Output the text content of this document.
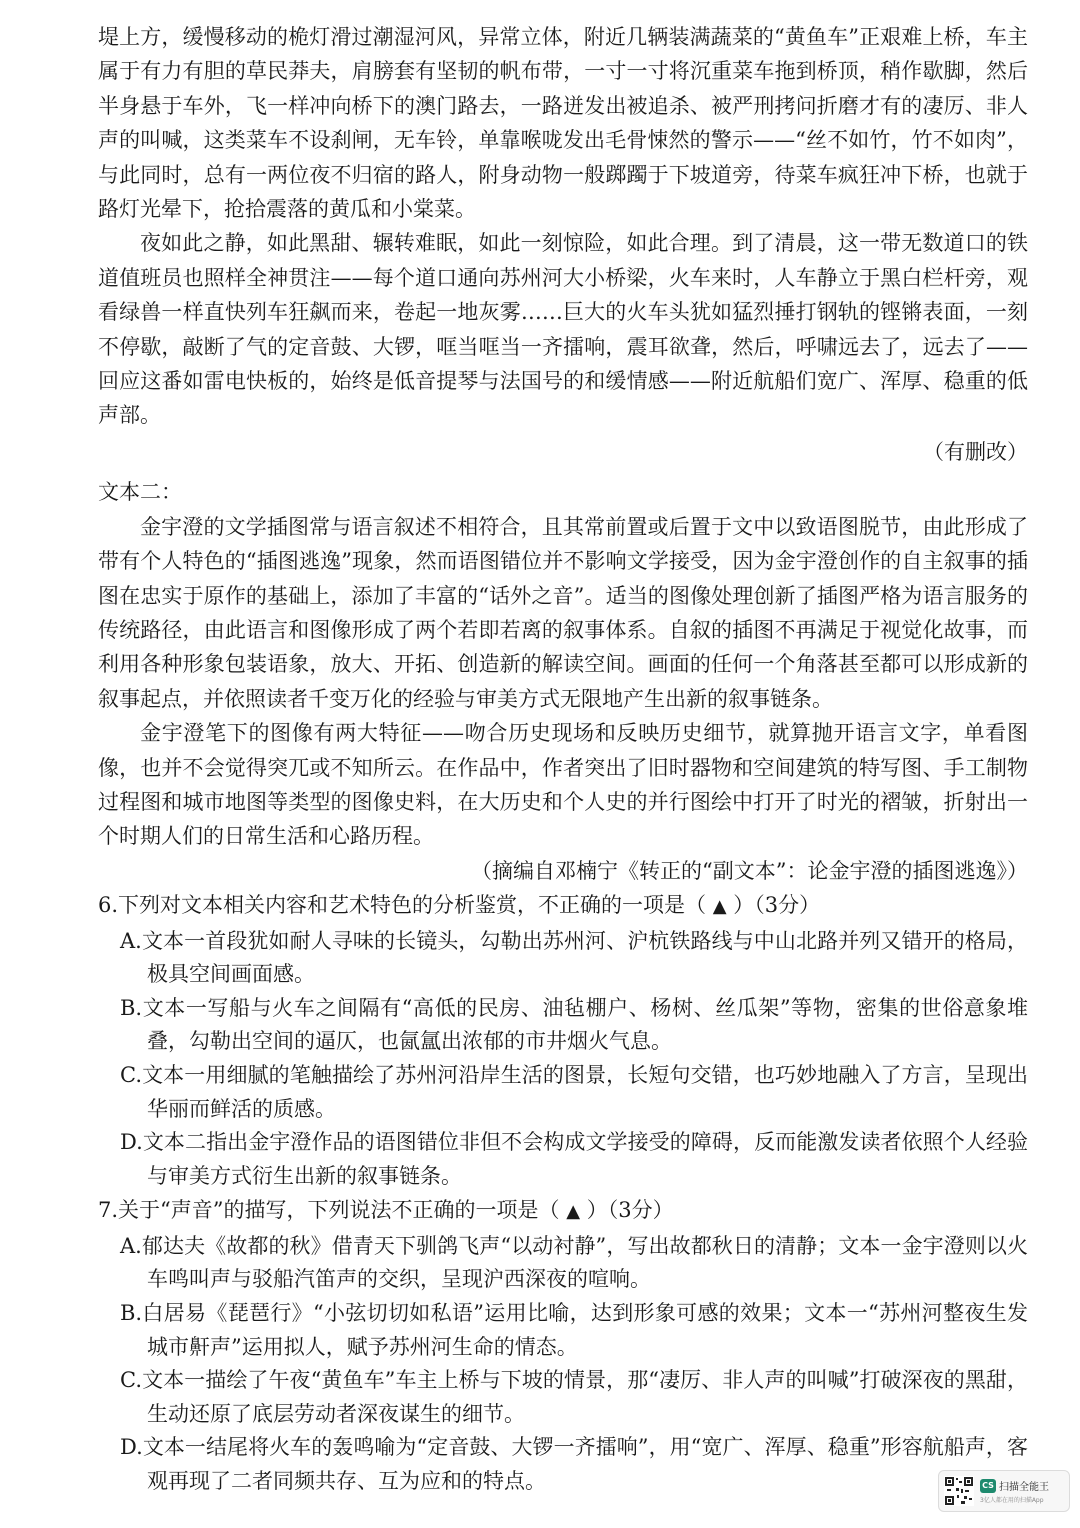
堤上方，缓慢移动的桅灯滑过潮湿河风，异常立体，附近几辆装满蔬菜的“黄鱼车”正艰难上桥，车主属于有力有胆的草民莽夫，肩膀套有坚韧的帆布带，一寸一寸将沉重菜车拖到桥顶，稍作歇脚，然后半身悬于车外，飞一样冲向桥下的澳门路去，一路迸发出被追杀、被严刑拷问折磨才有的凄厉、非人声的叫喊，这类菜车不设刹闸，无车铃，单靠喉咙发出毛骨悚然的警示——“丝不如竹，竹不如肉”，与此同时，总有一两位夜不归宿的路人，附身动物一般踯躅于下坡道旁，待菜车疯狂冲下桥，也就于路灯光晕下，抢拾震落的黄瓜和小棠菜。

夜如此之静，如此黑甜、辗转难眠，如此一刻惊险，如此合理。到了清晨，这一带无数道口的铁道值班员也照样全神贯注——每个道口通向苏州河大小桥梁，火车来时，人车静立于黑白栏杆旁，观看绿兽一样直快列车狂飙而来，卷起一地灰雾……巨大的火车头犹如猛烈捶打钢轨的铿锵表面，一刻不停歇，敲断了气的定音鼓、大锣，哐当哐当一齐擂响，震耳欲聋，然后，呼啸远去了，远去了——回应这番如雷电快板的，始终是低音提琴与法国号的和缓情感——附近航船们宽广、浑厚、稳重的低声部。

（有删改）

文本二：

金宇澄的文学插图常与语言叙述不相符合，且其常前置或后置于文中以致语图脱节，由此形成了带有个人特色的“插图逃逸”现象，然而语图错位并不影响文学接受，因为金宇澄创作的自主叙事的插图在忠实于原作的基础上，添加了丰富的“话外之音”。适当的图像处理创新了插图严格为语言服务的传统路径，由此语言和图像形成了两个若即若离的叙事体系。自叙的插图不再满足于视觉化故事，而利用各种形象包装语象，放大、开拓、创造新的解读空间。画面的任何一个角落甚至都可以形成新的叙事起点，并依照读者千变万化的经验与审美方式无限地产生出新的叙事链条。

金宇澄笔下的图像有两大特征——吻合历史现场和反映历史细节，就算抛开语言文字，单看图像，也并不会觉得突兀或不知所云。在作品中，作者突出了旧时器物和空间建筑的特写图、手工制物过程图和城市地图等类型的图像史料，在大历史和个人史的并行图绘中打开了时光的褶皱，折射出一个时期人们的日常生活和心路历程。

（摘编自邓楠宁《转正的“副文本”：论金宇澄的插图逃逸》）

6.下列对文本相关内容和艺术特色的分析鉴赏，不正确的一项是（ ▲ ）（3分）

A.文本一首段犹如耐人寻味的长镜头，勾勒出苏州河、沪杭铁路线与中山北路并列又错开的格局，极具空间画面感。

B.文本一写船与火车之间隔有“高低的民房、油毡棚户、杨树、丝瓜架”等物，密集的世俗意象堆叠，勾勒出空间的逼仄，也氤氲出浓郁的市井烟火气息。

C.文本一用细腻的笔触描绘了苏州河沿岸生活的图景，长短句交错，也巧妙地融入了方言，呈现出华丽而鲜活的质感。

D.文本二指出金宇澄作品的语图错位非但不会构成文学接受的障碍，反而能激发读者依照个人经验与审美方式衍生出新的叙事链条。

7.关于“声音”的描写，下列说法不正确的一项是（ ▲ ）（3分）

A.郁达夫《故都的秋》借青天下驯鸽飞声“以动衬静”，写出故都秋日的清静；文本一金宇澄则以火车鸣叫声与驳船汽笛声的交织，呈现沪西深夜的喧响。

B.白居易《琵琶行》“小弦切切如私语”运用比喻，达到形象可感的效果；文本一“苏州河整夜生发城市鼾声”运用拟人，赋予苏州河生命的情态。

C.文本一描绘了午夜“黄鱼车”车主上桥与下坡的情景，那“凄厉、非人声的叫喊”打破深夜的黑甜，生动还原了底层劳动者深夜谋生的细节。

D.文本一结尾将火车的轰鸣喻为“定音鼓、大锣一齐擂响”，用“宽广、浑厚、稳重”形容航船声，客观再现了二者同频共存、互为应和的特点。	CS 扫描全能王
3亿人都在用的扫描App
